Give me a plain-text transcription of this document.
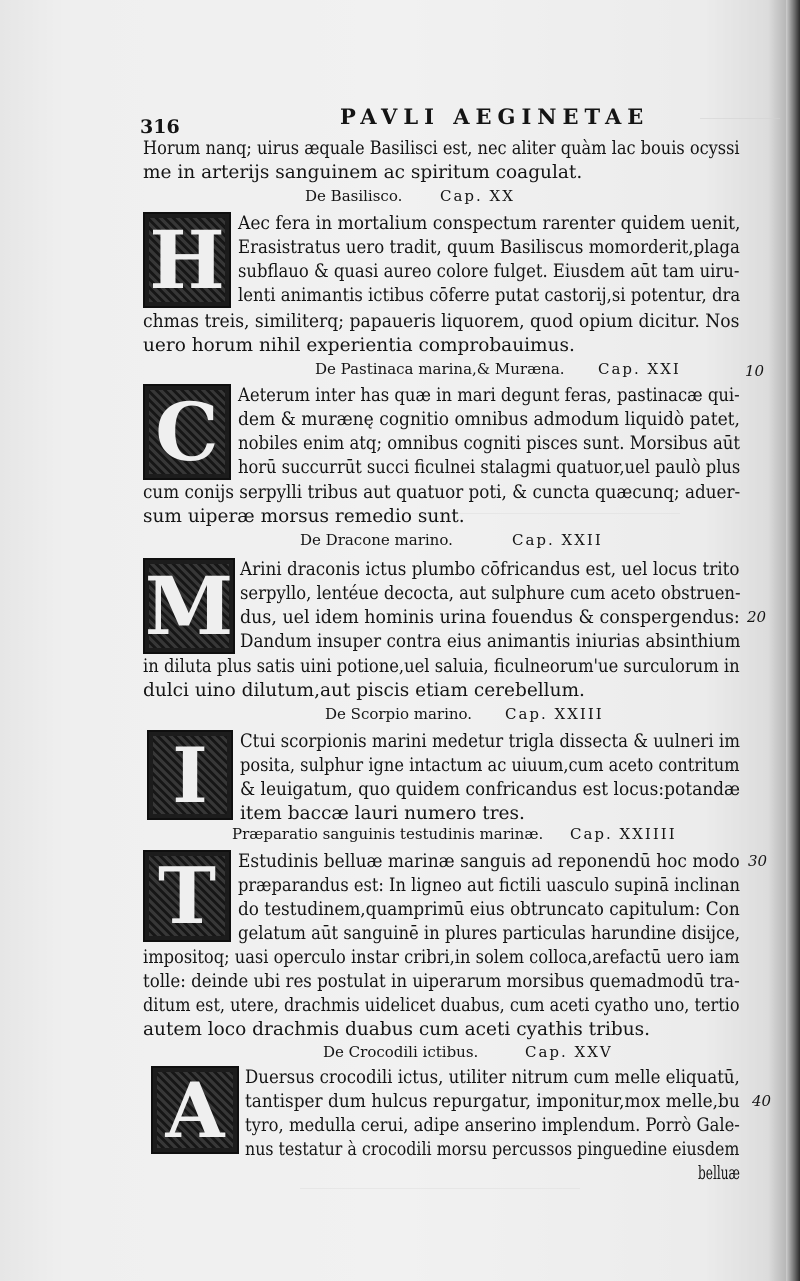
316	PAVLI AEGINETAE
Horum nanq; uirus æquale Basilisci est, nec aliter quàm lac bouis ocyssi
me in arterijs sanguinem ac spiritum coagulat.
De Basilisco.	Cap. XX
H Aec fera in mortalium conspectum rarenter quidem uenit,
Erasistratus uero tradit, quum Basiliscus momorderit,plaga
subflauo & quasi aureo colore fulget. Eiusdem aūt tam uiru-
lenti animantis ictibus cōferre putat castorij,si potentur, dra
chmas treis, similiterq; papaueris liquorem, quod opium dicitur. Nos
uero horum nihil experientia comprobauimus.
De Pastinaca marina,& Muræna. Cap. XXI	10
C	Aeterum inter has quæ in mari degunt feras, pastinacæ qui-
dem & murænę cognitio omnibus admodum liquidò patet,
nobiles enim atq; omnibus cogniti pisces sunt. Morsibus aūt
horū succurrūt succi ficulnei stalagmi quatuor,uel paulò plus
cum conijs serpylli tribus aut quatuor poti, & cuncta quæcunq; aduer-
sum uiperæ morsus remedio sunt.
De Dracone marino.	Cap. XXII
M Arini draconis ictus plumbo cōfricandus est, uel locus trito
serpyllo, lentéue decocta, aut sulphure cum aceto obstruen-
dus, uel idem hominis urina fouendus & conspergendus: 20
Dandum insuper contra eius animantis iniurias absinthium
in diluta plus satis uini potione,uel saluia, ficulneorum'ue surculorum in
dulci uino dilutum,aut piscis etiam cerebellum.
De Scorpio marino. Cap. XXIII
I	Ctui scorpionis marini medetur trigla dissecta & uulneri im
posita, sulphur igne intactum ac uiuum,cum aceto contritum
& leuigatum, quo quidem confricandus est locus:potandæ
item baccæ lauri numero tres.
Præparatio sanguinis testudinis marinæ. Cap. XXIIII
T	Estudinis belluæ marinæ sanguis ad reponendū hoc modo 30
præparandus est: In ligneo aut fictili uasculo supinā inclinan
do testudinem,quamprimū eius obtruncato capitulum: Con
gelatum aūt sanguinē in plures particulas harundine disijce,
impositoq; uasi operculo instar cribri,in solem colloca,arefactū uero iam
tolle: deinde ubi res postulat in uiperarum morsibus quemadmodū tra-
ditum est, utere, drachmis uidelicet duabus, cum aceti cyatho uno, tertio
autem loco drachmis duabus cum aceti cyathis tribus.
De Crocodili ictibus.	Cap. XXV
A	Duersus crocodili ictus, utiliter nitrum cum melle eliquatū,
tantisper dum hulcus repurgatur, imponitur,mox melle,bu 40
tyro, medulla cerui, adipe anserino implendum. Porrò Gale-
nus testatur à crocodili morsu percussos pinguedine eiusdem
belluæ
